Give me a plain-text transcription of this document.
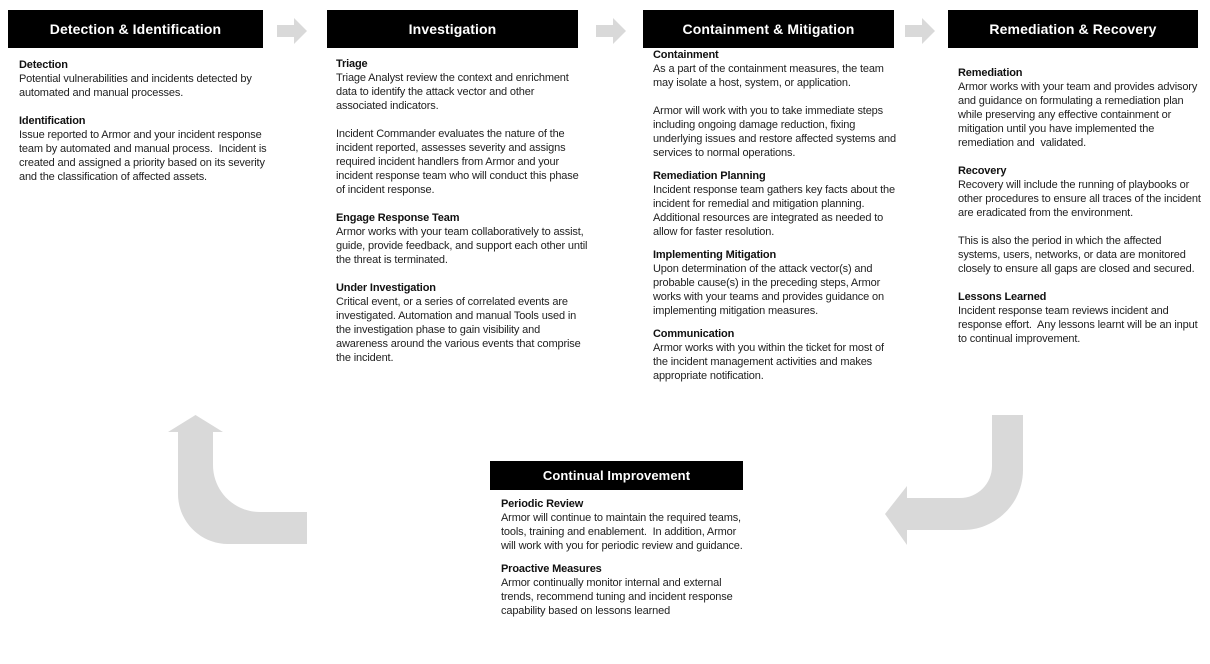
Detection & Identification	Investigation	Containment & Mitigation	Remediation & Recovery
Detection

Potential vulnerabilities and incidents detected by automated and manual processes.

Identification

Issue reported to Armor and your incident response team by automated and manual process.  Incident is created and assigned a priority based on its severity and the classification of affected assets.

Triage

Triage Analyst review the context and enrichment data to identify the attack vector and other associated indicators.

Incident Commander evaluates the nature of the incident reported, assesses severity and assigns required incident handlers from Armor and your incident response team who will conduct this phase of incident response.

Engage Response Team

Armor works with your team collaboratively to assist, guide, provide feedback, and support each other until the threat is terminated.

Under Investigation

Critical event, or a series of correlated events are investigated. Automation and manual Tools used in the investigation phase to gain visibility and awareness around the various events that comprise the incident.

Containment

As a part of the containment measures, the team may isolate a host, system, or application.

Armor will work with you to take immediate steps including ongoing damage reduction, fixing underlying issues and restore affected systems and services to normal operations.

Remediation Planning

Incident response team gathers key facts about the incident for remedial and mitigation planning. Additional resources are integrated as needed to allow for faster resolution.

Implementing Mitigation

Upon determination of the attack vector(s) and probable cause(s) in the preceding steps, Armor works with your teams and provides guidance on implementing mitigation measures.

Communication

Armor works with you within the ticket for most of the incident management activities and makes appropriate notification.

Remediation

Armor works with your team and provides advisory and guidance on formulating a remediation plan while preserving any effective containment or mitigation until you have implemented the remediation and  validated.

Recovery

Recovery will include the running of playbooks or other procedures to ensure all traces of the incident are eradicated from the environment.

This is also the period in which the affected systems, users, networks, or data are monitored closely to ensure all gaps are closed and secured.

Lessons Learned

Incident response team reviews incident and response effort.  Any lessons learnt will be an input to continual improvement.

Continual Improvement
Periodic Review

Armor will continue to maintain the required teams, tools, training and enablement.  In addition, Armor will work with you for periodic review and guidance.

Proactive Measures

Armor continually monitor internal and external trends, recommend tuning and incident response capability based on lessons learned
